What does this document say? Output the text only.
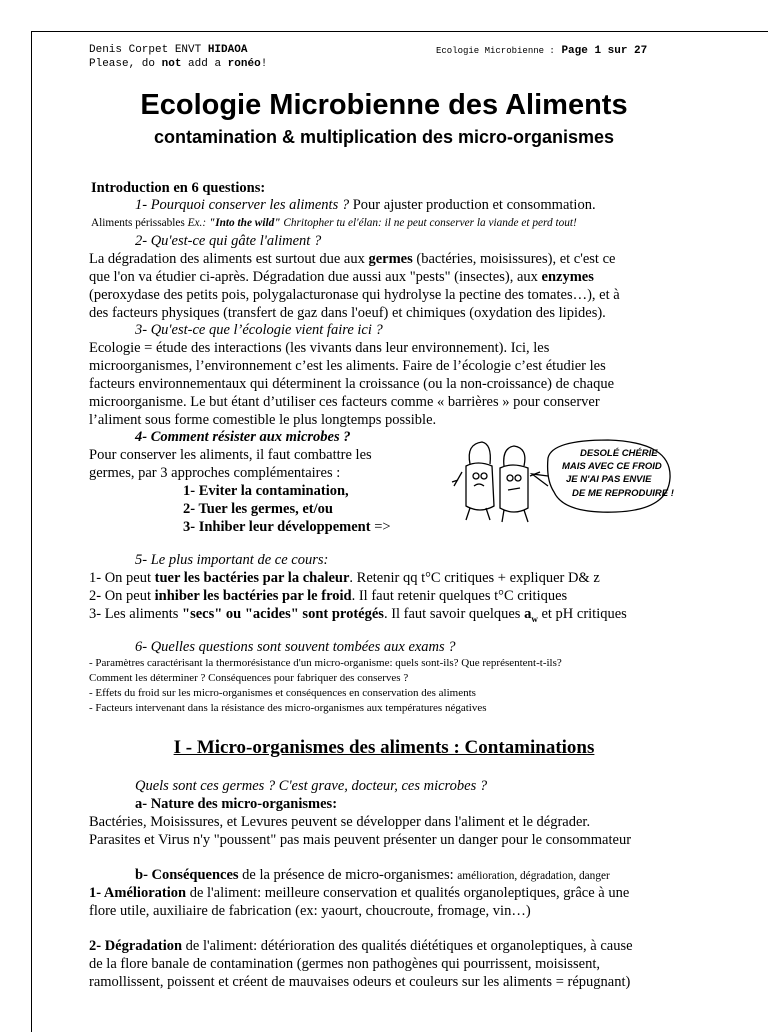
Denis Corpet ENVT HIDAOA
Please, do not add a ronéo!
Ecologie Microbienne : Page 1 sur 27
Ecologie Microbienne des Aliments
contamination & multiplication des micro-organismes
Introduction en 6 questions:
1- Pourquoi conserver les aliments ? Pour ajuster production et consommation.
Aliments périssables Ex.: "Into the wild" Chritopher tu el'élan: il ne peut conserver la viande et perd tout!
2- Qu'est-ce qui gâte l'aliment ?
La dégradation des aliments est surtout due aux germes (bactéries, moisissures), et c'est ce
que l'on va étudier ci-après. Dégradation due aussi aux "pests" (insectes), aux enzymes
(peroxydase des petits pois, polygalacturonase qui hydrolyse la pectine des tomates…), et à
des facteurs physiques (transfert de gaz dans l'oeuf) et chimiques (oxydation des lipides).
3- Qu'est-ce que l’écologie vient faire ici ?
Ecologie = étude des interactions (les vivants dans leur environnement). Ici, les
microorganismes, l’environnement c’est les aliments. Faire de l’écologie c’est étudier les
facteurs environnementaux qui déterminent la croissance (ou la non-croissance) de chaque
microorganisme. Le but étant d’utiliser ces facteurs comme « barrières » pour conserver
l’aliment sous forme comestible le plus longtemps possible.
4- Comment résister aux microbes ?
Pour conserver les aliments, il faut combattre les
germes, par 3 approches complémentaires :
1- Eviter la contamination,
2- Tuer les germes, et/ou
3- Inhiber leur développement =>
DESOLÉ CHÉRIE
MAIS AVEC CE FROID
JE N'AI PAS ENVIE
DE ME REPRODUIRE !
5- Le plus important de ce cours:
1- On peut tuer les bactéries par la chaleur. Retenir qq t°C critiques + expliquer D& z
2- On peut inhiber les bactéries par le froid. Il faut retenir quelques t°C critiques
3- Les aliments "secs" ou "acides" sont protégés. Il faut savoir quelques $a_w$ et pH critiques
6- Quelles questions sont souvent tombées aux exams ?
- Paramètres caractérisant la thermorésistance d'un micro-organisme: quels sont-ils? Que représentent-t-ils?
Comment les déterminer ? Conséquences pour fabriquer des conserves ?
- Effets du froid sur les micro-organismes et conséquences en conservation des aliments
- Facteurs intervenant dans la résistance des micro-organismes aux températures négatives
I - Micro-organismes des aliments : Contaminations
Quels sont ces germes ? C'est grave, docteur, ces microbes ?
a- Nature des micro-organismes:
Bactéries, Moisissures, et Levures peuvent se développer dans l'aliment et le dégrader.
Parasites et Virus n'y "poussent" pas mais peuvent présenter un danger pour le consommateur
b- Conséquences de la présence de micro-organismes: amélioration, dégradation, danger
1- Amélioration de l'aliment: meilleure conservation et qualités organoleptiques, grâce à une
flore utile, auxiliaire de fabrication (ex: yaourt, choucroute, fromage, vin…)
2- Dégradation de l'aliment: détérioration des qualités diététiques et organoleptiques, à cause
de la flore banale de contamination (germes non pathogènes qui pourrissent, moisissent,
ramollissent, poissent et créent de mauvaises odeurs et couleurs sur les aliments = répugnant)
